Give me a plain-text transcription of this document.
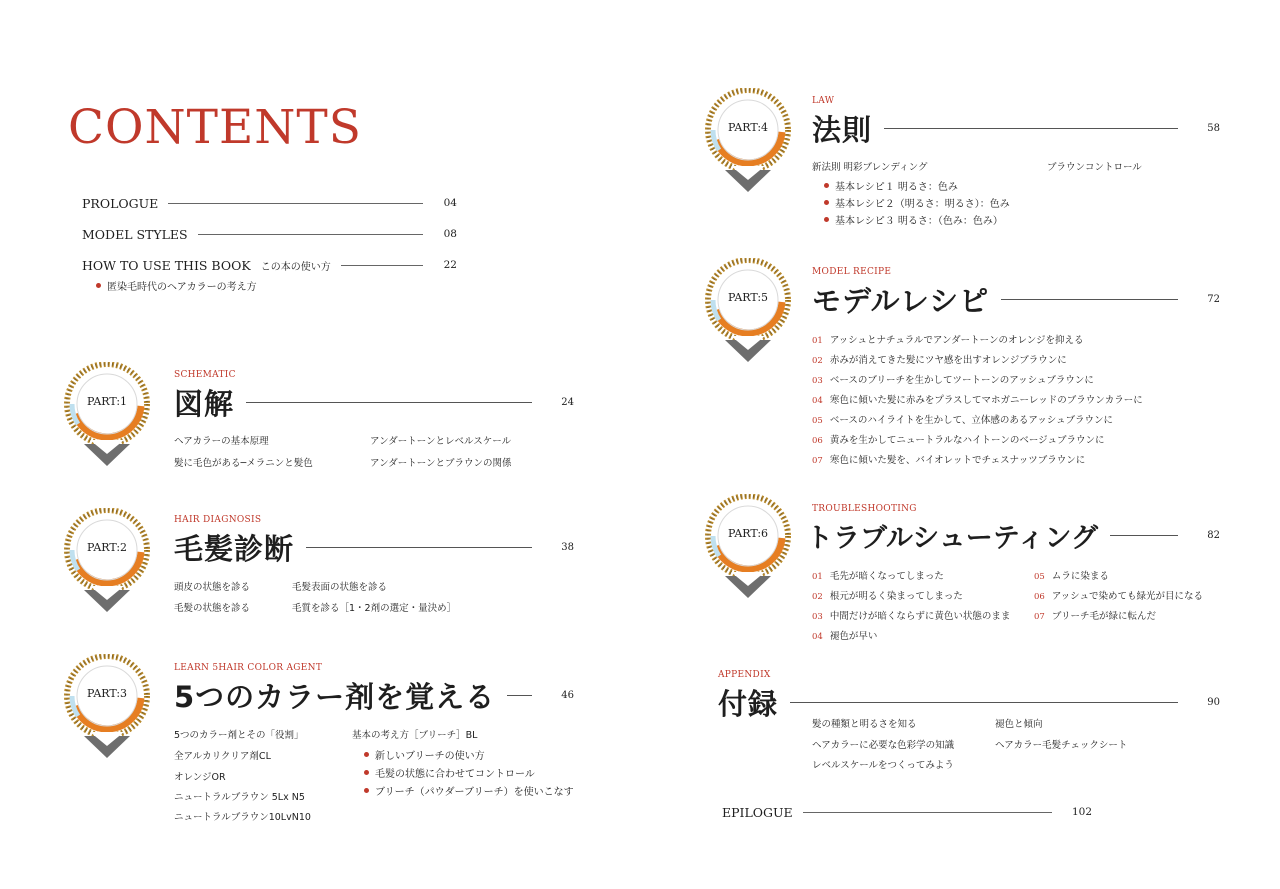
CONTENTS
PROLOGUE	04
MODEL STYLES	08
HOW TO USE THIS BOOK この本の使い方	22
匿染毛時代のヘアカラーの考え方
PART:1
SCHEMATIC
図解	24
ヘアカラーの基本原理	アンダートーンとレベルスケール
髪に毛色がある─メラニンと髪色	アンダートーンとブラウンの関係
PART:2
HAIR DIAGNOSIS
毛髪診断	38
頭皮の状態を診る	毛髪表面の状態を診る
毛髪の状態を診る	毛質を診る［1・2剤の選定・量決め］
PART:3
LEARN 5HAIR COLOR AGENT
5つのカラー剤を覚える	46
5つのカラー剤とその「役割」
全アルカリクリア剤CL
オレンジOR
ニュートラルブラウン 5Lx N5
ニュートラルブラウン10LvN10
基本の考え方［ブリーチ］BL
新しいブリーチの使い方
毛髪の状態に合わせてコントロール
ブリーチ（パウダーブリーチ）を使いこなす
PART:4
LAW
法則	58
新法則 明彩ブレンディング	ブラウンコントロール
基本レシピ１ 明るさ：色み
基本レシピ２（明るさ：明るさ）：色み
基本レシピ３ 明るさ：（色み：色み）
PART:5
MODEL RECIPE
モデルレシピ	72
01 アッシュとナチュラルでアンダートーンのオレンジを抑える
02 赤みが消えてきた髪にツヤ感を出すオレンジブラウンに
03 ベースのブリーチを生かしてツートーンのアッシュブラウンに
04 寒色に傾いた髪に赤みをプラスしてマホガニーレッドのブラウンカラーに
05 ベースのハイライトを生かして、立体感のあるアッシュブラウンに
06 黄みを生かしてニュートラルなハイトーンのベージュブラウンに
07 寒色に傾いた髪を、バイオレットでチェスナッツブラウンに
PART:6
TROUBLESHOOTING
トラブルシューティング	82
01 毛先が暗くなってしまった
02 根元が明るく染まってしまった
03 中間だけが暗くならずに黄色い状態のまま
04 褪色が早い
05 ムラに染まる
06 アッシュで染めても緑光が目になる
07 ブリーチ毛が緑に転んだ
APPENDIX
付録	90
髪の種類と明るさを知る	褪色と傾向
ヘアカラーに必要な色彩学の知識	ヘアカラー毛髪チェックシート
レベルスケールをつくってみよう
EPILOGUE	102
